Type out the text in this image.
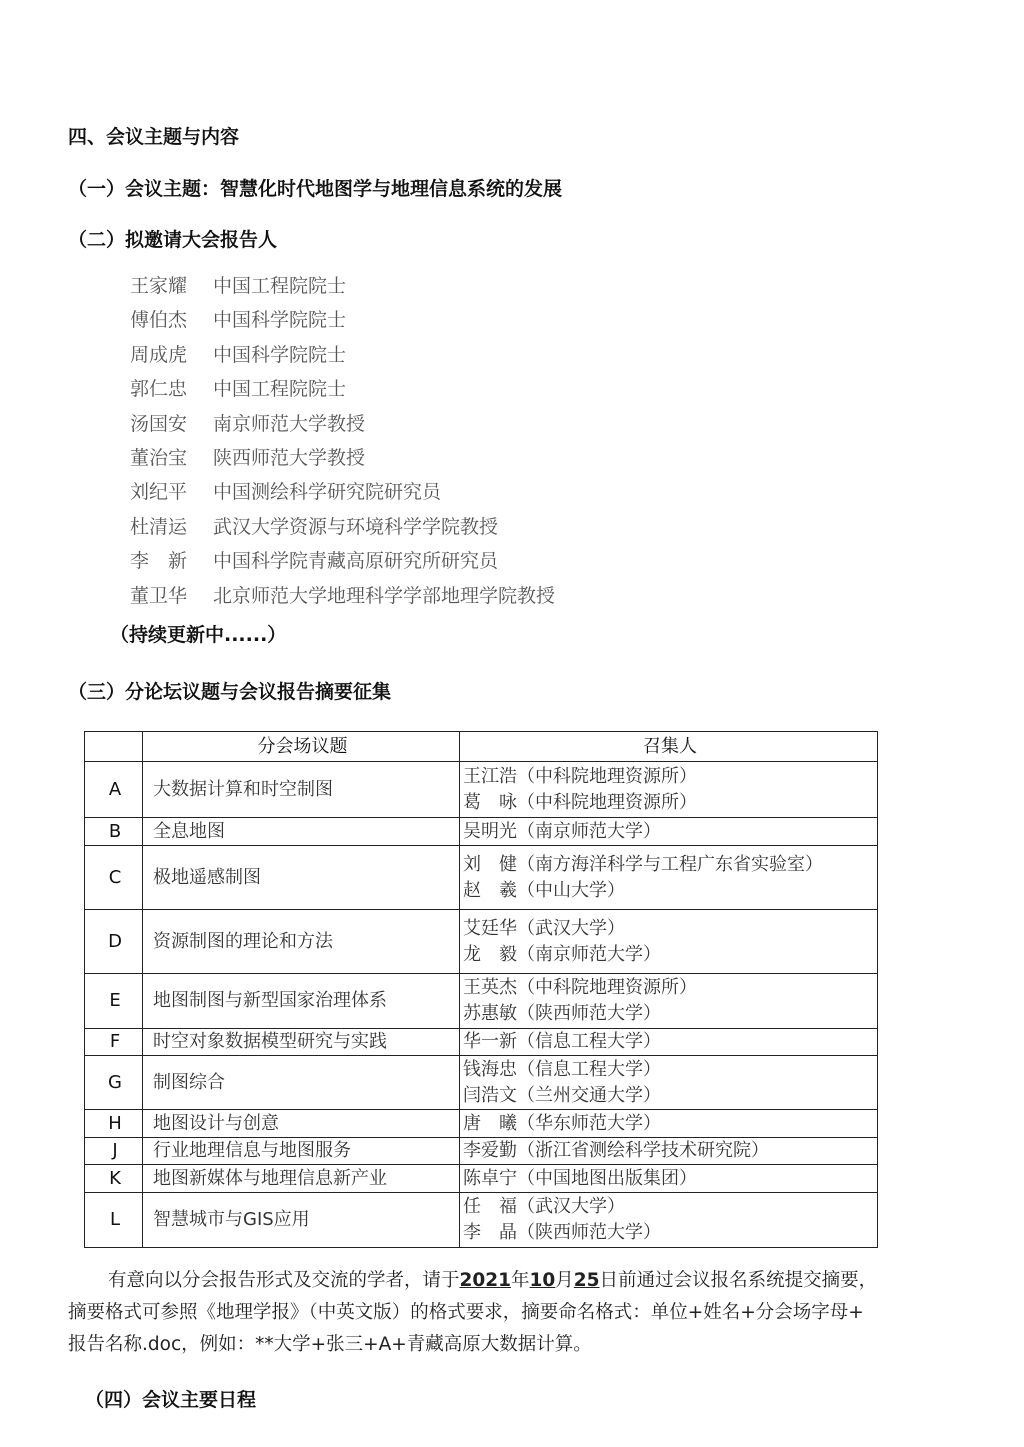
四、会议主题与内容
（一）会议主题：智慧化时代地图学与地理信息系统的发展
（二）拟邀请大会报告人
王家耀 中国工程院院士
傅伯杰 中国科学院院士
周成虎 中国科学院院士
郭仁忠 中国工程院院士
汤国安 南京师范大学教授
董治宝 陕西师范大学教授
刘纪平 中国测绘科学研究院研究员
杜清运 武汉大学资源与环境科学学院教授
李　新 中国科学院青藏高原研究所研究员
董卫华 北京师范大学地理科学学部地理学院教授
（持续更新中......）
（三）分论坛议题与会议报告摘要征集
	分会场议题	召集人
A	大数据计算和时空制图	王江浩（中科院地理资源所）
葛　咏（中科院地理资源所）

B	全息地图	吴明光（南京师范大学）

C	极地遥感制图	刘　健（南方海洋科学与工程广东省实验室）
赵　羲（中山大学）

D	资源制图的理论和方法	艾廷华（武汉大学）
龙　毅（南京师范大学）

E	地图制图与新型国家治理体系	王英杰（中科院地理资源所）
苏惠敏（陕西师范大学）

F	时空对象数据模型研究与实践	华一新（信息工程大学）

G	制图综合	钱海忠（信息工程大学）
闫浩文（兰州交通大学）

H	地图设计与创意	唐　曦（华东师范大学）

J	行业地理信息与地图服务	李爱勤（浙江省测绘科学技术研究院）

K	地图新媒体与地理信息新产业	陈卓宁（中国地图出版集团）

L	智慧城市与GIS应用	任　福（武汉大学）
李　晶（陕西师范大学）
有意向以分会报告形式及交流的学者，请于2021年10月25日前通过会议报名系统提交摘要，
摘要格式可参照《地理学报》（中英文版）的格式要求，摘要命名格式：单位+姓名+分会场字母+
报告名称.doc，例如：**大学+张三+A+青藏高原大数据计算。
（四）会议主要日程
